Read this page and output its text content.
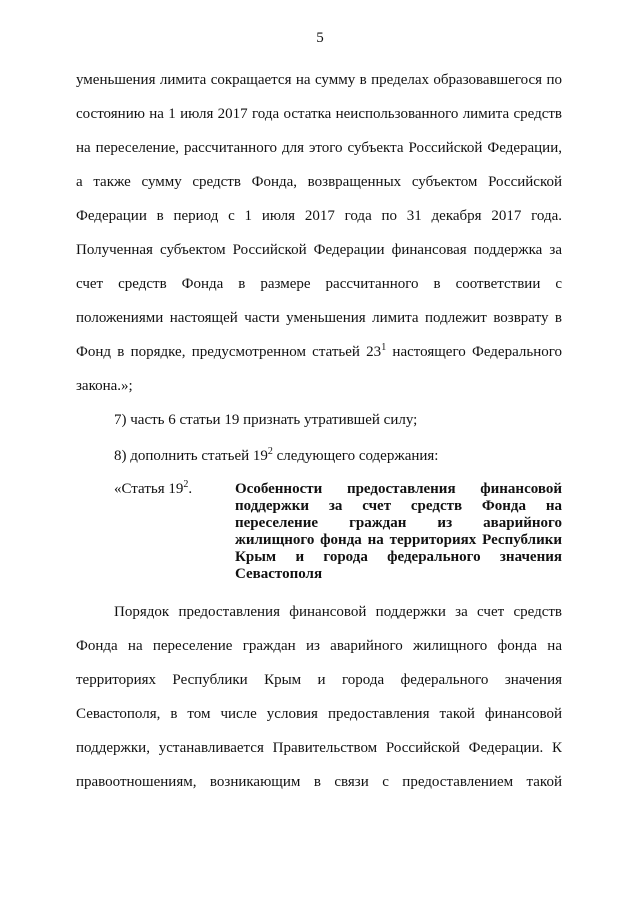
5
уменьшения лимита сокращается на сумму в пределах образовавшегося по
состоянию на 1 июля 2017 года остатка неиспользованного лимита средств
на переселение, рассчитанного для этого субъекта Российской Федерации,
а также сумму средств Фонда, возвращенных субъектом Российской
Федерации в период с 1 июля 2017 года по 31 декабря 2017 года.
Полученная субъектом Российской Федерации финансовая поддержка за
счет средств Фонда в размере рассчитанного в соответствии с
положениями настоящей части уменьшения лимита подлежит возврату в
Фонд в порядке, предусмотренном статьей $23^1$ настоящего Федерального
закона.»;
7) часть 6 статьи 19 признать утратившей силу;
8) дополнить статьей $19^2$ следующего содержания:
«Статья $19^2$.	Особенности предоставления финансовой
поддержки за счет средств Фонда на
переселение граждан из аварийного
жилищного фонда на территориях Республики
Крым и города федерального значения
Севастополя
Порядок предоставления финансовой поддержки за счет средств
Фонда на переселение граждан из аварийного жилищного фонда на
территориях Республики Крым и города федерального значения
Севастополя, в том числе условия предоставления такой финансовой
поддержки, устанавливается Правительством Российской Федерации. К
правоотношениям, возникающим в связи с предоставлением такой
